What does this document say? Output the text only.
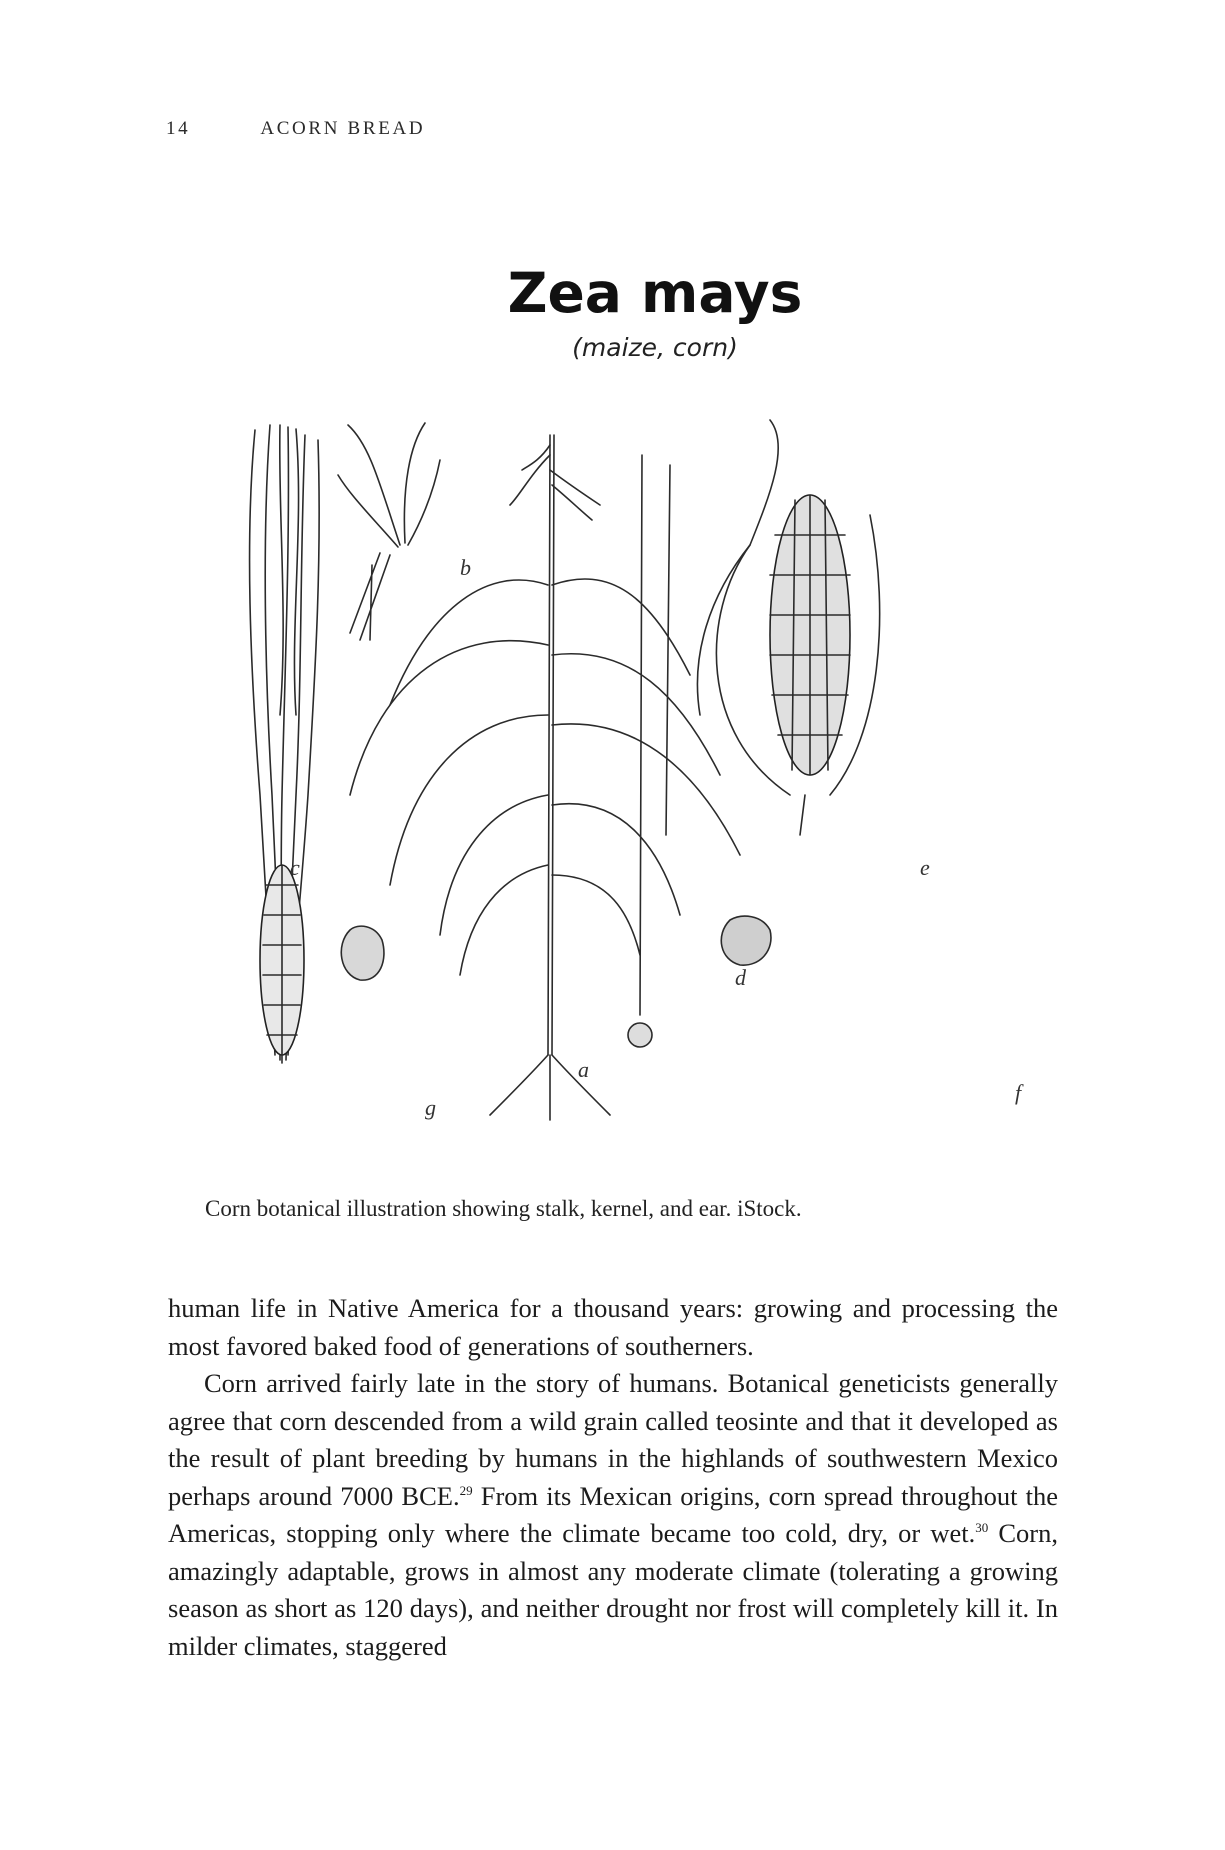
14	ACORN BREAD
Zea mays
(maize, corn)
c
b
a
d
e
f
g
Corn botanical illustration showing stalk, kernel, and ear. iStock.

human life in Native America for a thousand years: growing and processing the most favored baked food of generations of southerners.

Corn arrived fairly late in the story of humans. Botanical geneticists generally agree that corn descended from a wild grain called teosinte and that it developed as the result of plant breeding by humans in the highlands of southwestern Mexico perhaps around 7000 BCE.$^{29}$ From its Mexican origins, corn spread throughout the Americas, stopping only where the climate became too cold, dry, or wet.$^{30}$ Corn, amazingly adaptable, grows in almost any moderate climate (tolerating a growing season as short as 120 days), and neither drought nor frost will completely kill it. In milder climates, staggered
